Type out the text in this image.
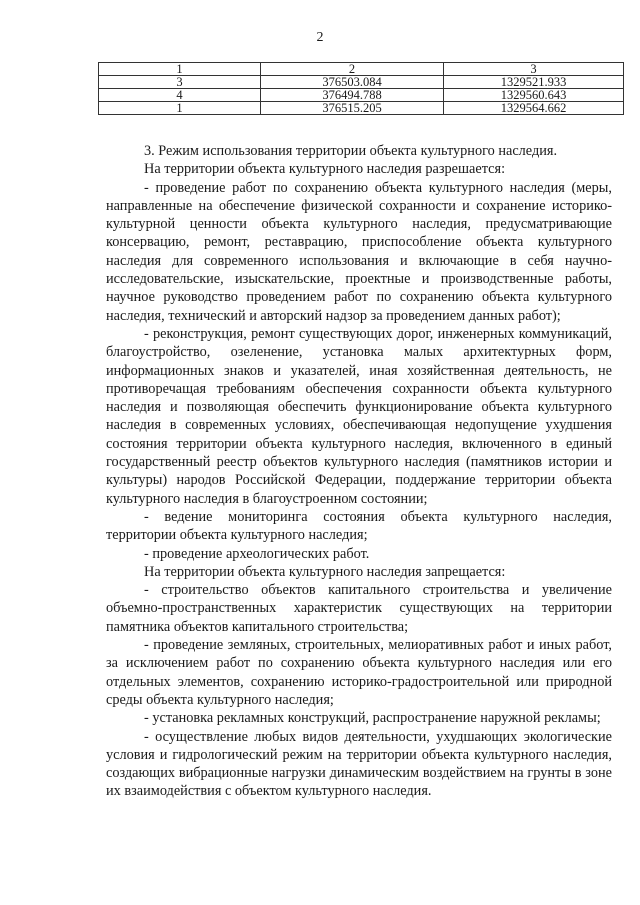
2
1	2	3
3	376503.084	1329521.933
4	376494.788	1329560.643
1	376515.205	1329564.662

3. Режим использования территории объекта культурного наследия.

На территории объекта культурного наследия разрешается:

- проведение работ по сохранению объекта культурного наследия (меры, направленные на обеспечение физической сохранности и сохранение историко-культурной ценности объекта культурного наследия, предусматривающие консервацию, ремонт, реставрацию, приспособление объекта культурного наследия для современного использования и включающие в себя научно-исследовательские, изыскательские, проектные и производственные работы, научное руководство проведением работ по сохранению объекта культурного наследия, технический и авторский надзор за проведением данных работ);

- реконструкция, ремонт существующих дорог, инженерных коммуникаций, благоустройство, озеленение, установка малых архитектурных форм, информационных знаков и указателей, иная хозяйственная деятельность, не противоречащая требованиям обеспечения сохранности объекта культурного наследия и позволяющая обеспечить функционирование объекта культурного наследия в современных условиях, обеспечивающая недопущение ухудшения состояния территории объекта культурного наследия, включенного в единый государственный реестр объектов культурного наследия (памятников истории и культуры) народов Российской Федерации, поддержание территории объекта культурного наследия в благоустроенном состоянии;

- ведение мониторинга состояния объекта культурного наследия, территории объекта культурного наследия;

- проведение археологических работ.

На территории объекта культурного наследия запрещается:

- строительство объектов капитального строительства и увеличение объемно-пространственных характеристик существующих на территории памятника объектов капитального строительства;

- проведение земляных, строительных, мелиоративных работ и иных работ, за исключением работ по сохранению объекта культурного наследия или его отдельных элементов, сохранению историко-градостроительной или природной среды объекта культурного наследия;

- установка рекламных конструкций, распространение наружной рекламы;

- осуществление любых видов деятельности, ухудшающих экологические условия и гидрологический режим на территории объекта культурного наследия, создающих вибрационные нагрузки динамическим воздействием на грунты в зоне их взаимодействия с объектом культурного наследия.
